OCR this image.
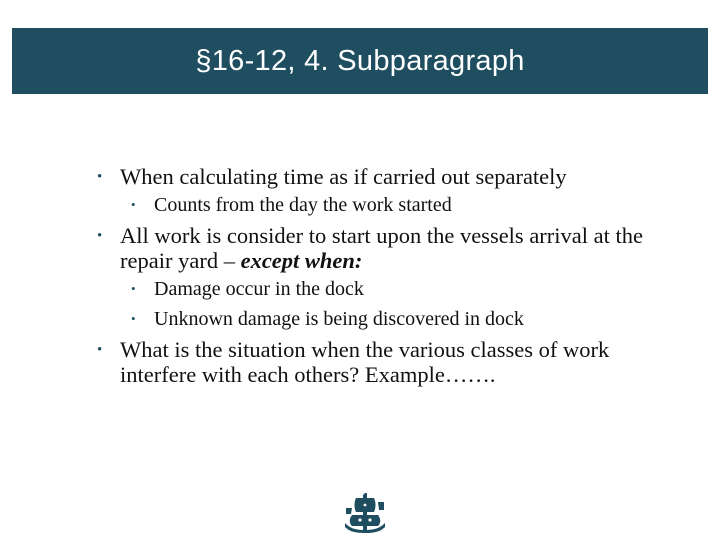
§16-12, 4. Subparagraph
• When calculating time as if carried out separately
• Counts from the day the work started
• All work is consider to start upon the vessels arrival at the repair yard – except when:
• Damage occur in the dock
• Unknown damage is being discovered in dock
• What is the situation when the various classes of work interfere with each others? Example…….
